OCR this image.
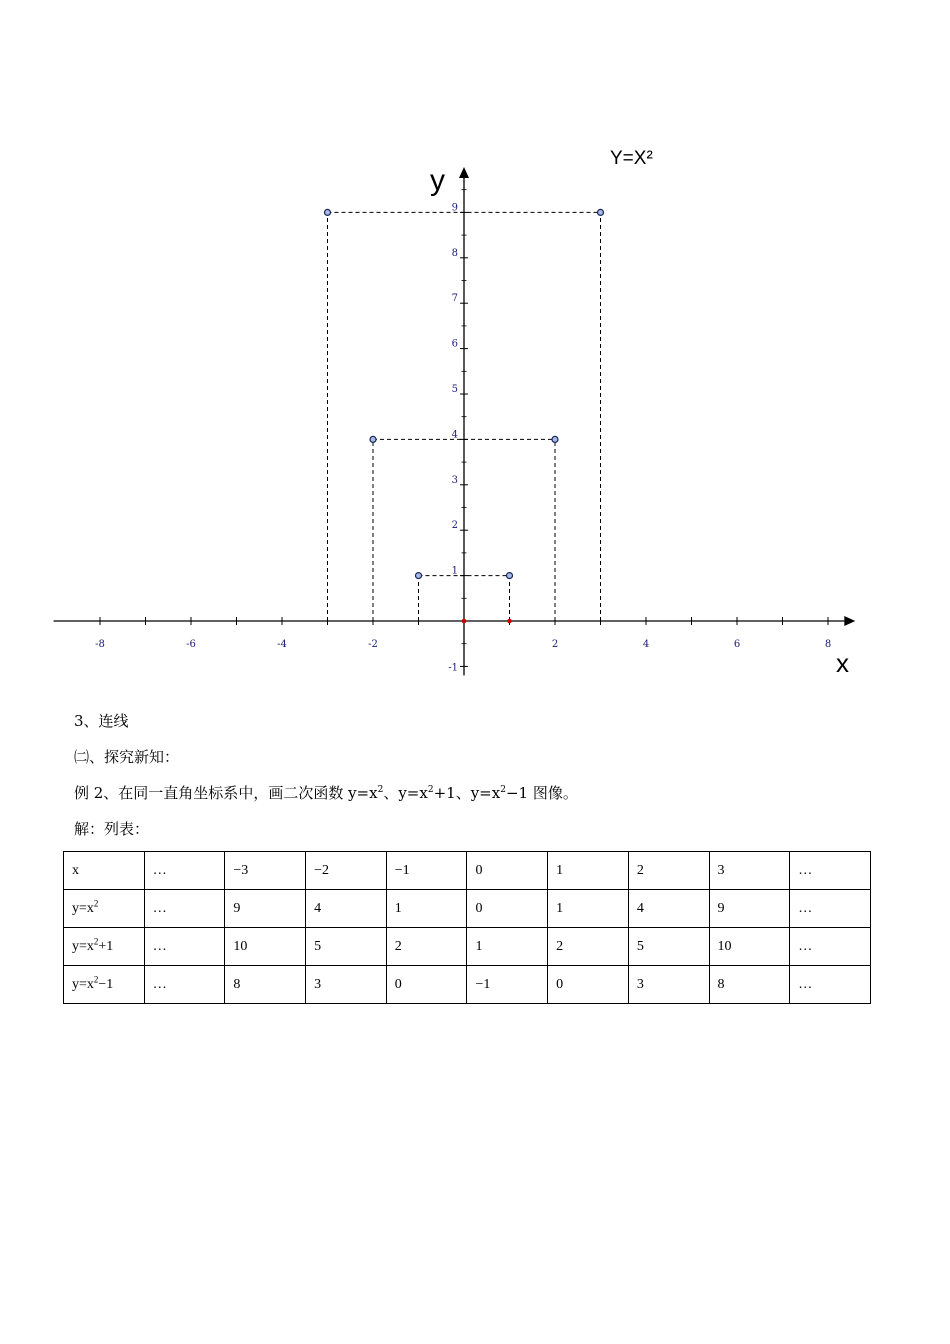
-8	-6	-4	-2	2	4	6	8
-1
1
2
3
4
5
6
7
8
9
Y=X²
x
y
3、连线
㈡、探究新知：
例 2、在同一直角坐标系中，画二次函数 $y=x^2$、$y=x^2+1$、$y=x^2-1$ 图像。
解：列表：
x	…	−3	−2	−1	0	1	2	3	…
$y=x^2$	…	9	4	1	0	1	4	9	…
$y=x^2+1$	…	10	5	2	1	2	5	10	…
$y=x^2-1$	…	8	3	0	−1	0	3	8	…
